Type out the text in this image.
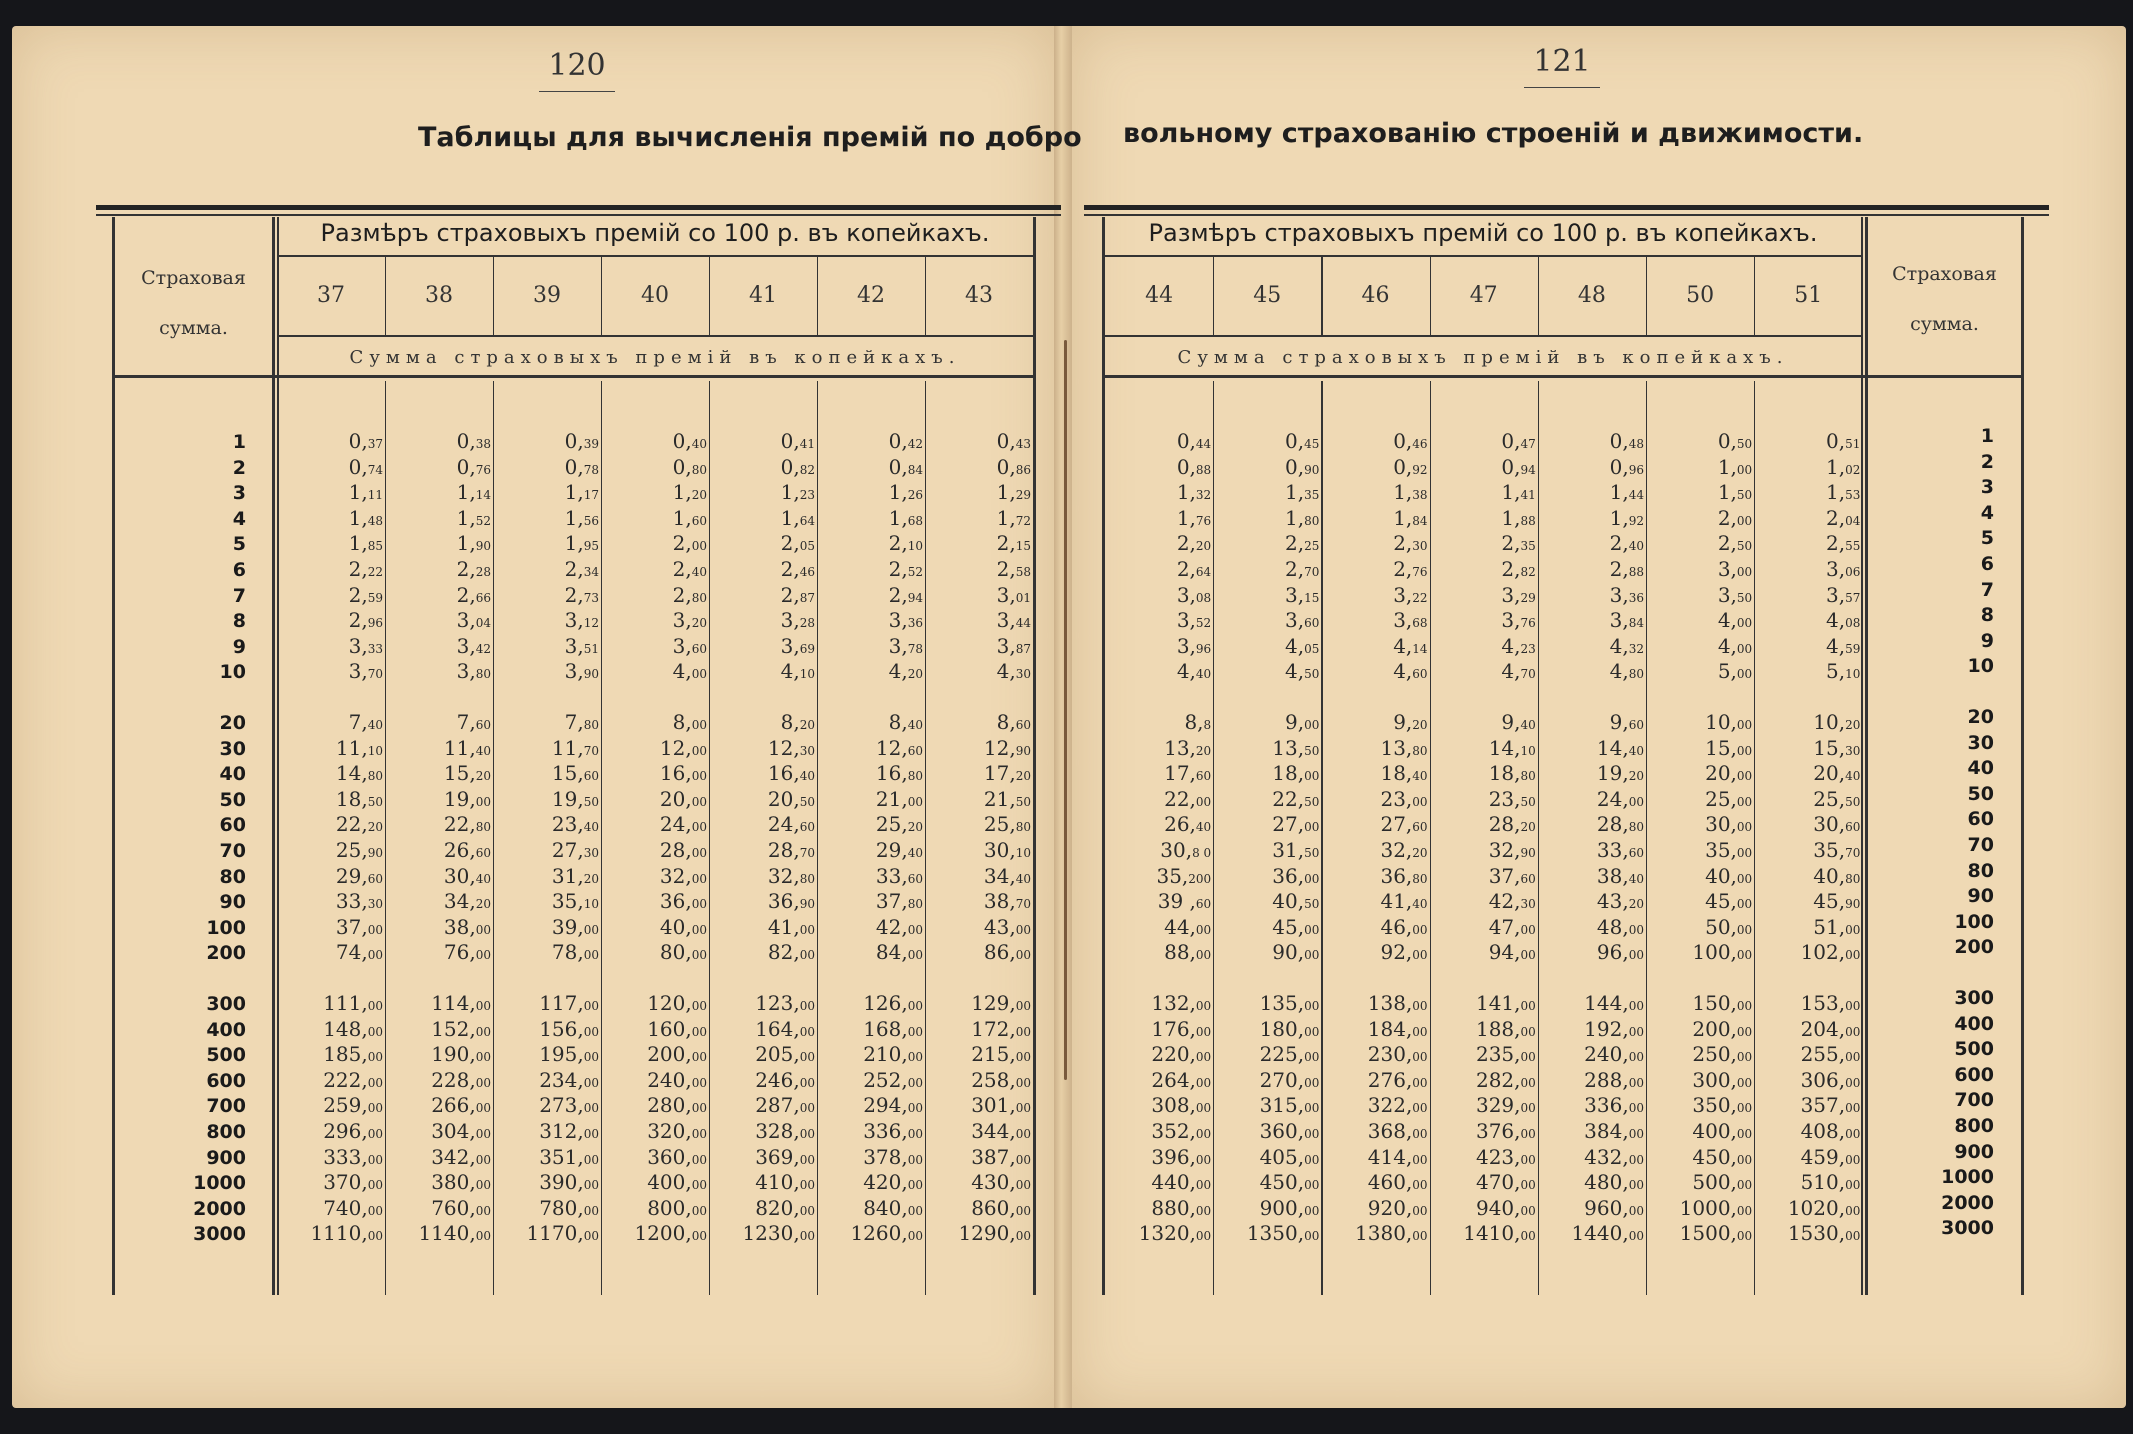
120	121
Таблицы для вычисленія премій по добро вольному страхованію строеній и движимости.
Размѣръ страховыхъ премій со 100 р. въ копейкахъ.
Страховая сумма.
Сумма страховыхъ премій въ копейкахъ.
37	38	39	40	41	42	43
1	0,37	0,38	0,39	0,40	0,41	0,42	0,43
2	0,74	0,76	0,78	0,80	0,82	0,84	0,86
3	1,11	1,14	1,17	1,20	1,23	1,26	1,29
4	1,48	1,52	1,56	1,60	1,64	1,68	1,72
5	1,85	1,90	1,95	2,00	2,05	2,10	2,15
6	2,22	2,28	2,34	2,40	2,46	2,52	2,58
7	2,59	2,66	2,73	2,80	2,87	2,94	3,01
8	2,96	3,04	3,12	3,20	3,28	3,36	3,44
9	3,33	3,42	3,51	3,60	3,69	3,78	3,87
10	3,70	3,80	3,90	4,00	4,10	4,20	4,30
20	7,40	7,60	7,80	8,00	8,20	8,40	8,60
30	11,10	11,40	11,70	12,00	12,30	12,60	12,90
40	14,80	15,20	15,60	16,00	16,40	16,80	17,20
50	18,50	19,00	19,50	20,00	20,50	21,00	21,50
60	22,20	22,80	23,40	24,00	24,60	25,20	25,80
70	25,90	26,60	27,30	28,00	28,70	29,40	30,10
80	29,60	30,40	31,20	32,00	32,80	33,60	34,40
90	33,30	34,20	35,10	36,00	36,90	37,80	38,70
100	37,00	38,00	39,00	40,00	41,00	42,00	43,00
200	74,00	76,00	78,00	80,00	82,00	84,00	86,00
300	111,00	114,00	117,00	120,00	123,00	126,00	129,00
400	148,00	152,00	156,00	160,00	164,00	168,00	172,00
500	185,00	190,00	195,00	200,00	205,00	210,00	215,00
600	222,00	228,00	234,00	240,00	246,00	252,00	258,00
700	259,00	266,00	273,00	280,00	287,00	294,00	301,00
800	296,00	304,00	312,00	320,00	328,00	336,00	344,00
900	333,00	342,00	351,00	360,00	369,00	378,00	387,00
1000	370,00	380,00	390,00	400,00	410,00	420,00	430,00
2000	740,00	760,00	780,00	800,00	820,00	840,00	860,00
3000	1110,00	1140,00	1170,00	1200,00	1230,00	1260,00	1290,00
Размѣръ страховыхъ премій со 100 р. въ копейкахъ.
Страховая сумма.
Сумма страховыхъ премій въ копейкахъ.
44	45	46	47	48	50	51
1
0,44	0,45	0,46	0,47	0,48	0,50	0,51
2
0,88	0,90	0,92	0,94	0,96	1,00	1,02
3
1,32	1,35	1,38	1,41	1,44	1,50	1,53
4
1,76	1,80	1,84	1,88	1,92	2,00	2,04
5
2,20	2,25	2,30	2,35	2,40	2,50	2,55
6
2,64	2,70	2,76	2,82	2,88	3,00	3,06
7
3,08	3,15	3,22	3,29	3,36	3,50	3,57
8
3,52	3,60	3,68	3,76	3,84	4,00	4,08
9
3,96	4,05	4,14	4,23	4,32	4,00	4,59
10
4,40	4,50	4,60	4,70	4,80	5,00	5,10
20
8,8	9,00	9,20	9,40	9,60	10,00	10,20
30
13,20	13,50	13,80	14,10	14,40	15,00	15,30
40
17,60	18,00	18,40	18,80	19,20	20,00	20,40
50
22,00	22,50	23,00	23,50	24,00	25,00	25,50
60
26,40	27,00	27,60	28,20	28,80	30,00	30,60
70
30,8 0	31,50	32,20	32,90	33,60	35,00	35,70
80
35,200	36,00	36,80	37,60	38,40	40,00	40,80
90
39 ,60	40,50	41,40	42,30	43,20	45,00	45,90
100
44,00	45,00	46,00	47,00	48,00	50,00	51,00
200
88,00	90,00	92,00	94,00	96,00	100,00	102,00
300
132,00	135,00	138,00	141,00	144,00	150,00	153,00
400
176,00	180,00	184,00	188,00	192,00	200,00	204,00
500
220,00	225,00	230,00	235,00	240,00	250,00	255,00
600
264,00	270,00	276,00	282,00	288,00	300,00	306,00
700
308,00	315,00	322,00	329,00	336,00	350,00	357,00
800
352,00	360,00	368,00	376,00	384,00	400,00	408,00
900
396,00	405,00	414,00	423,00	432,00	450,00	459,00
1000
440,00	450,00	460,00	470,00	480,00	500,00	510,00
2000
880,00	900,00	920,00	940,00	960,00	1000,00	1020,00
3000
1320,00	1350,00	1380,00	1410,00	1440,00	1500,00	1530,00
